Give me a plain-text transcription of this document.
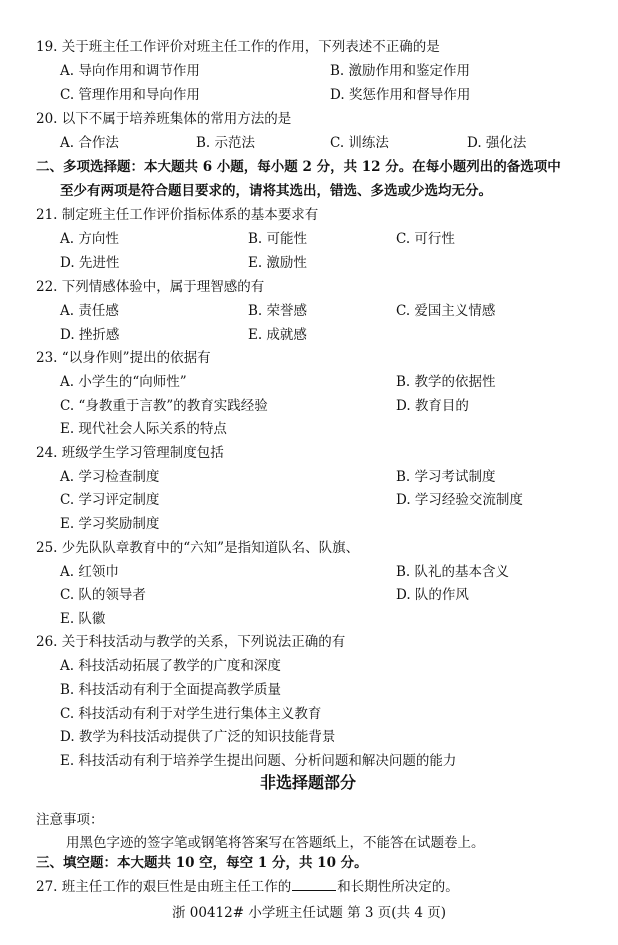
19. 关于班主任工作评价对班主任工作的作用，下列表述不正确的是
A. 导向作用和调节作用	B. 激励作用和鉴定作用
C. 管理作用和导向作用	D. 奖惩作用和督导作用
20. 以下不属于培养班集体的常用方法的是
A. 合作法	B. 示范法	C. 训练法	D. 强化法
二、多项选择题：本大题共 6 小题，每小题 2 分，共 12 分。在每小题列出的备选项中
至少有两项是符合题目要求的，请将其选出，错选、多选或少选均无分。
21. 制定班主任工作评价指标体系的基本要求有
A. 方向性	B. 可能性	C. 可行性
D. 先进性	E. 激励性
22. 下列情感体验中，属于理智感的有
A. 责任感	B. 荣誉感	C. 爱国主义情感
D. 挫折感	E. 成就感
23. “以身作则”提出的依据有
A. 小学生的“向师性”	B. 教学的依据性
C. “身教重于言教”的教育实践经验	D. 教育目的
E. 现代社会人际关系的特点
24. 班级学生学习管理制度包括
A. 学习检查制度	B. 学习考试制度
C. 学习评定制度	D. 学习经验交流制度
E. 学习奖励制度
25. 少先队队章教育中的“六知”是指知道队名、队旗、
A. 红领巾	B. 队礼的基本含义
C. 队的领导者	D. 队的作风
E. 队徽
26. 关于科技活动与教学的关系，下列说法正确的有
A. 科技活动拓展了教学的广度和深度
B. 科技活动有利于全面提高教学质量
C. 科技活动有利于对学生进行集体主义教育
D. 教学为科技活动提供了广泛的知识技能背景
E. 科技活动有利于培养学生提出问题、分析问题和解决问题的能力
非选择题部分
注意事项：
用黑色字迹的签字笔或钢笔将答案写在答题纸上，不能答在试题卷上。
三、填空题：本大题共 10 空，每空 1 分，共 10 分。
27. 班主任工作的艰巨性是由班主任工作的	和长期性所决定的。
浙 00412# 小学班主任试题 第 3 页(共 4 页)
